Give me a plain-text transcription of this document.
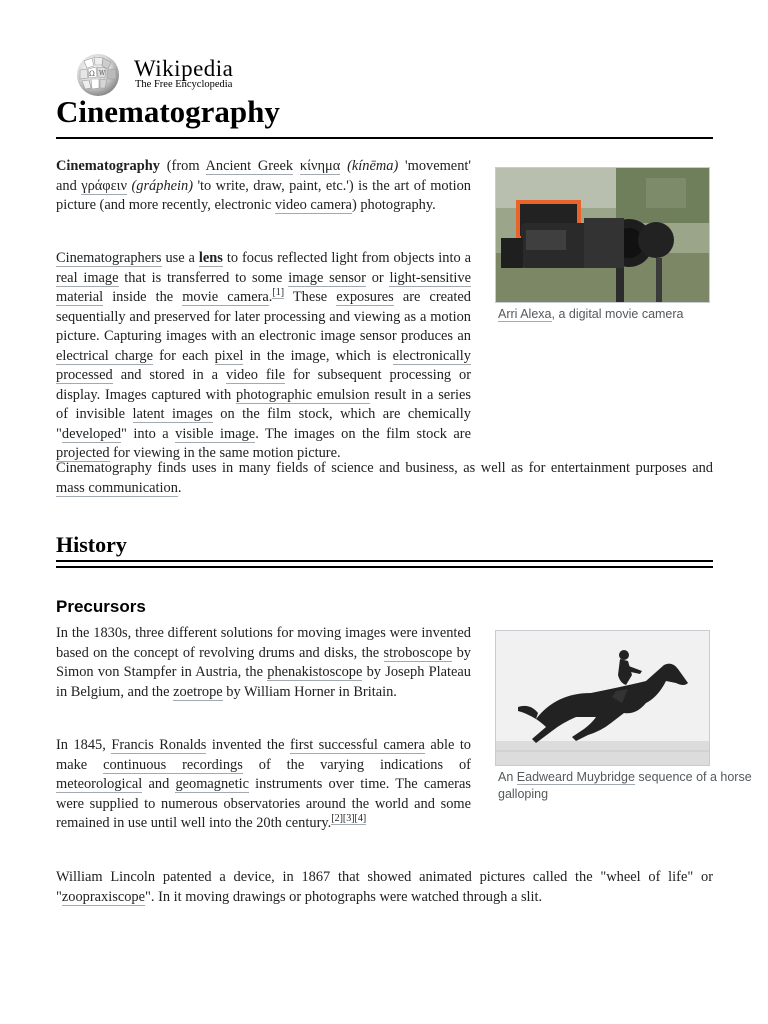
Ω W Wikipedia
The Free Encyclopedia
Cinematography

Cinematography (from Ancient Greek κίνημα (kínēma) 'movement' and γράφειν (gráphein) 'to write, draw, paint, etc.') is the art of motion picture (and more recently, electronic video camera) photography.

Arri Alexa, a digital movie camera

Cinematographers use a lens to focus reflected light from objects into a real image that is transferred to some image sensor or light-sensitive material inside the movie camera.[1] These exposures are created sequentially and preserved for later processing and viewing as a motion picture. Capturing images with an electronic image sensor produces an electrical charge for each pixel in the image, which is electronically processed and stored in a video file for subsequent processing or display. Images captured with photographic emulsion result in a series of invisible latent images on the film stock, which are chemically "developed" into a visible image. The images on the film stock are projected for viewing in the same motion picture.

Cinematography finds uses in many fields of science and business, as well as for entertainment purposes and mass communication.

History
Precursors

In the 1830s, three different solutions for moving images were invented based on the concept of revolving drums and disks, the stroboscope by Simon von Stampfer in Austria, the phenakistoscope by Joseph Plateau in Belgium, and the zoetrope by William Horner in Britain.

An Eadweard Muybridge sequence of a horse galloping

In 1845, Francis Ronalds invented the first successful camera able to make continuous recordings of the varying indications of meteorological and geomagnetic instruments over time. The cameras were supplied to numerous observatories around the world and some remained in use until well into the 20th century.[2][3][4]

William Lincoln patented a device, in 1867 that showed animated pictures called the "wheel of life" or "zoopraxiscope". In it moving drawings or photographs were watched through a slit.
